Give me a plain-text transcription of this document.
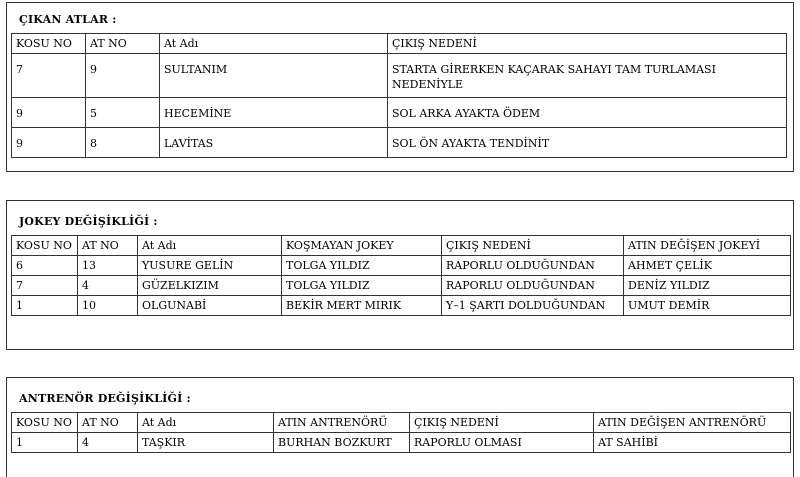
ÇIKAN ATLAR :
KOSU NO	AT NO	At Adı	ÇIKIŞ NEDENİ
7	9	SULTANIM	STARTA GİRERKEN KAÇARAK SAHAYI TAM TURLAMASI NEDENİYLE
9	5	HECEMİNE	SOL ARKA AYAKTA ÖDEM
9	8	LAVİTAS	SOL ÖN AYAKTA TENDİNİT
JOKEY DEĞİŞİKLİĞİ :
KOSU NO	AT NO	At Adı	KOŞMAYAN JOKEY	ÇIKIŞ NEDENİ	ATIN DEĞİŞEN JOKEYİ
6	13	YUSURE GELİN	TOLGA YILDIZ	RAPORLU OLDUĞUNDAN	AHMET ÇELİK
7	4	GÜZELKIZIM	TOLGA YILDIZ	RAPORLU OLDUĞUNDAN	DENİZ YILDIZ
1	10	OLGUNABİ	BEKİR MERT MIRIK	Y–1 ŞARTI DOLDUĞUNDAN	UMUT DEMİR
ANTRENÖR DEĞİŞİKLİĞİ :
KOSU NO	AT NO	At Adı	ATIN ANTRENÖRÜ	ÇIKIŞ NEDENİ	ATIN DEĞİŞEN ANTRENÖRÜ
1	4	TAŞKIR	BURHAN BOZKURT	RAPORLU OLMASI	AT SAHİBİ
